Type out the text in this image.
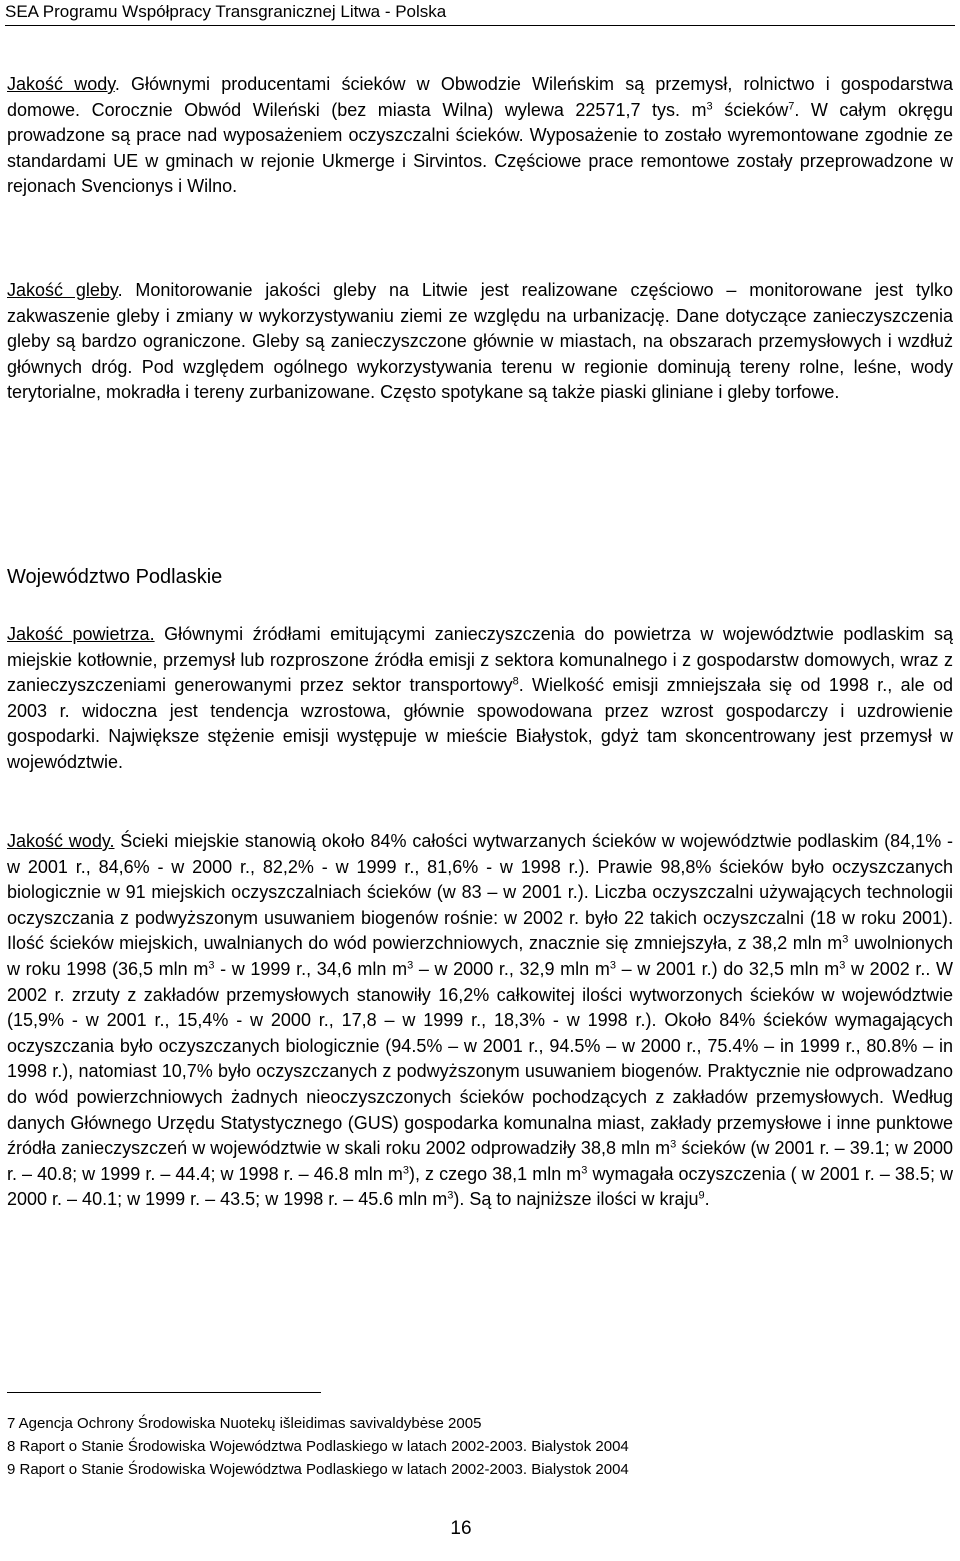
SEA Programu Współpracy Transgranicznej Litwa - Polska

Jakość wody. Głównymi producentami ścieków w Obwodzie Wileńskim są przemysł, rolnictwo i gospodarstwa domowe. Corocznie Obwód Wileński (bez miasta Wilna) wylewa 22571,7 tys. $m^3$ ścieków$^7$. W całym okręgu prowadzone są prace nad wyposażeniem oczyszczalni ścieków. Wyposażenie to zostało wyremontowane zgodnie ze standardami UE w gminach w rejonie Ukmerge i Sirvintos. Częściowe prace remontowe zostały przeprowadzone w rejonach Svencionys i Wilno.

Jakość gleby. Monitorowanie jakości gleby na Litwie jest realizowane częściowo – monitorowane jest tylko zakwaszenie gleby i zmiany w wykorzystywaniu ziemi ze względu na urbanizację. Dane dotyczące zanieczyszczenia gleby są bardzo ograniczone. Gleby są zanieczyszczone głównie w miastach, na obszarach przemysłowych i wzdłuż głównych dróg. Pod względem ogólnego wykorzystywania terenu w regionie dominują tereny rolne, leśne, wody terytorialne, mokradła i tereny zurbanizowane. Często spotykane są także piaski gliniane i gleby torfowe.

Województwo Podlaskie

Jakość powietrza. Głównymi źródłami emitującymi zanieczyszczenia do powietrza w województwie podlaskim są miejskie kotłownie, przemysł lub rozproszone źródła emisji z sektora komunalnego i z gospodarstw domowych, wraz z zanieczyszczeniami generowanymi przez sektor transportowy$^8$. Wielkość emisji zmniejszała się od 1998 r., ale od 2003 r. widoczna jest tendencja wzrostowa, głównie spowodowana przez wzrost gospodarczy i uzdrowienie gospodarki. Największe stężenie emisji występuje w mieście Białystok, gdyż tam skoncentrowany jest przemysł w województwie.

Jakość wody. Ścieki miejskie stanowią około 84% całości wytwarzanych ścieków w województwie podlaskim (84,1% - w 2001 r., 84,6% - w 2000 r., 82,2% - w 1999 r., 81,6% - w 1998 r.). Prawie 98,8% ścieków było oczyszczanych biologicznie w 91 miejskich oczyszczalniach ścieków (w 83 – w 2001 r.). Liczba oczyszczalni używających technologii oczyszczania z podwyższonym usuwaniem biogenów rośnie: w 2002 r. było 22 takich oczyszczalni (18 w roku 2001). Ilość ścieków miejskich, uwalnianych do wód powierzchniowych, znacznie się zmniejszyła, z 38,2 mln $m^3$ uwolnionych w roku 1998 (36,5 mln $m^3$ - w 1999 r., 34,6 mln $m^3$ – w 2000 r., 32,9 mln $m^3$ – w 2001 r.) do 32,5 mln $m^3$ w 2002 r.. W 2002 r. zrzuty z zakładów przemysłowych stanowiły 16,2% całkowitej ilości wytworzonych ścieków w województwie (15,9% - w 2001 r., 15,4% - w 2000 r., 17,8 – w 1999 r., 18,3% - w 1998 r.). Około 84% ścieków wymagających oczyszczania było oczyszczanych biologicznie (94.5% – w 2001 r., 94.5% – w 2000 r., 75.4% – in 1999 r., 80.8% – in 1998 r.), natomiast 10,7% było oczyszczanych z podwyższonym usuwaniem biogenów. Praktycznie nie odprowadzano do wód powierzchniowych żadnych nieoczyszczonych ścieków pochodzących z zakładów przemysłowych. Według danych Głównego Urzędu Statystycznego (GUS) gospodarka komunalna miast, zakłady przemysłowe i inne punktowe źródła zanieczyszczeń w województwie w skali roku 2002 odprowadziły 38,8 mln $m^3$ ścieków (w 2001 r. – 39.1; w 2000 r. – 40.8; w 1999 r. – 44.4; w 1998 r. – 46.8 mln $m^3$), z czego 38,1 mln $m^3$ wymagała oczyszczenia ( w 2001 r. – 38.5; w 2000 r. – 40.1; w 1999 r. – 43.5; w 1998 r. – 45.6 mln $m^3$). Są to najniższe ilości w kraju$^9$.

7 Agencja Ochrony Środowiska Nuotekų išleidimas savivaldybėse 2005
8 Raport o Stanie Środowiska Województwa Podlaskiego w latach 2002-2003. Bialystok 2004
9 Raport o Stanie Środowiska Województwa Podlaskiego w latach 2002-2003. Bialystok 2004
16
